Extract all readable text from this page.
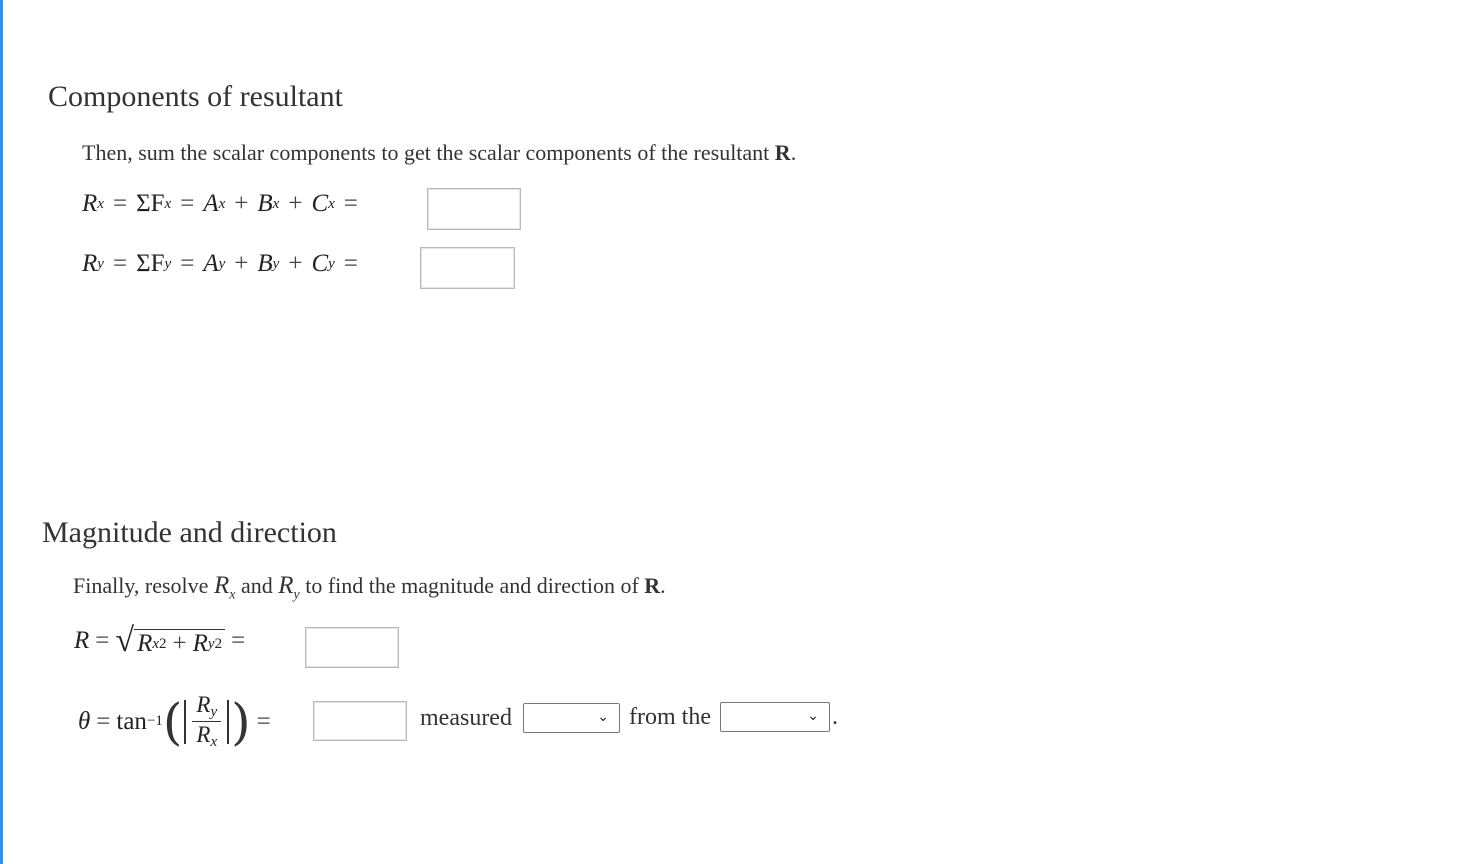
Components of resultant
Then, sum the scalar components to get the scalar components of the resultant R.
R x = ΣF x = A x + B x + C x =
R y = ΣF y = A y + B y + C y =
Magnitude and direction
Finally, resolve $R_x$ and $R_y$ to find the magnitude and direction of R.
R = √ R x 2 + R y 2 =
θ = tan −1 ( $\frac{R_y}{R_x}$ ) =	measured	⌄ from the	⌄ .
